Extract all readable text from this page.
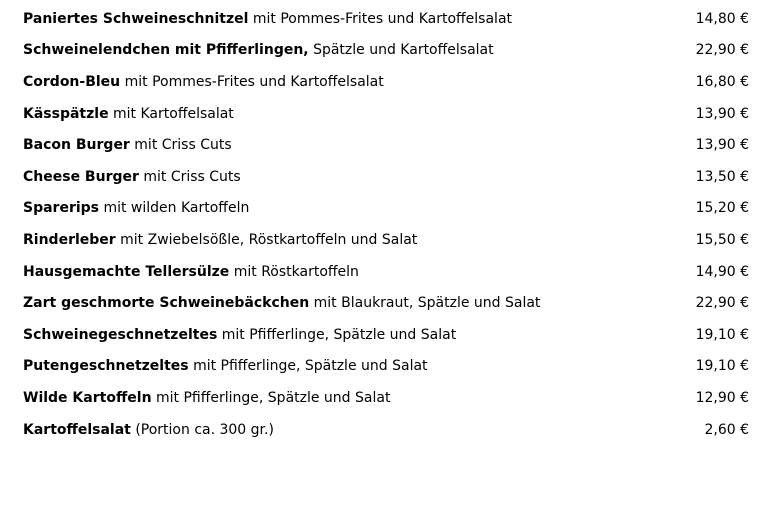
Paniertes Schweineschnitzel mit Pommes-Frites und Kartoffelsalat	14,80 €
Schweinelendchen mit Pfifferlingen, Spätzle und Kartoffelsalat	22,90 €
Cordon-Bleu mit Pommes-Frites und Kartoffelsalat	16,80 €
Kässpätzle mit Kartoffelsalat	13,90 €
Bacon Burger mit Criss Cuts	13,90 €
Cheese Burger mit Criss Cuts	13,50 €
Sparerips mit wilden Kartoffeln	15,20 €
Rinderleber mit Zwiebelsößle, Röstkartoffeln und Salat	15,50 €
Hausgemachte Tellersülze mit Röstkartoffeln	14,90 €
Zart geschmorte Schweinebäckchen mit Blaukraut, Spätzle und Salat	22,90 €
Schweinegeschnetzeltes mit Pfifferlinge, Spätzle und Salat	19,10 €
Putengeschnetzeltes mit Pfifferlinge, Spätzle und Salat	19,10 €
Wilde Kartoffeln mit Pfifferlinge, Spätzle und Salat	12,90 €
Kartoffelsalat (Portion ca. 300 gr.)	2,60 €
